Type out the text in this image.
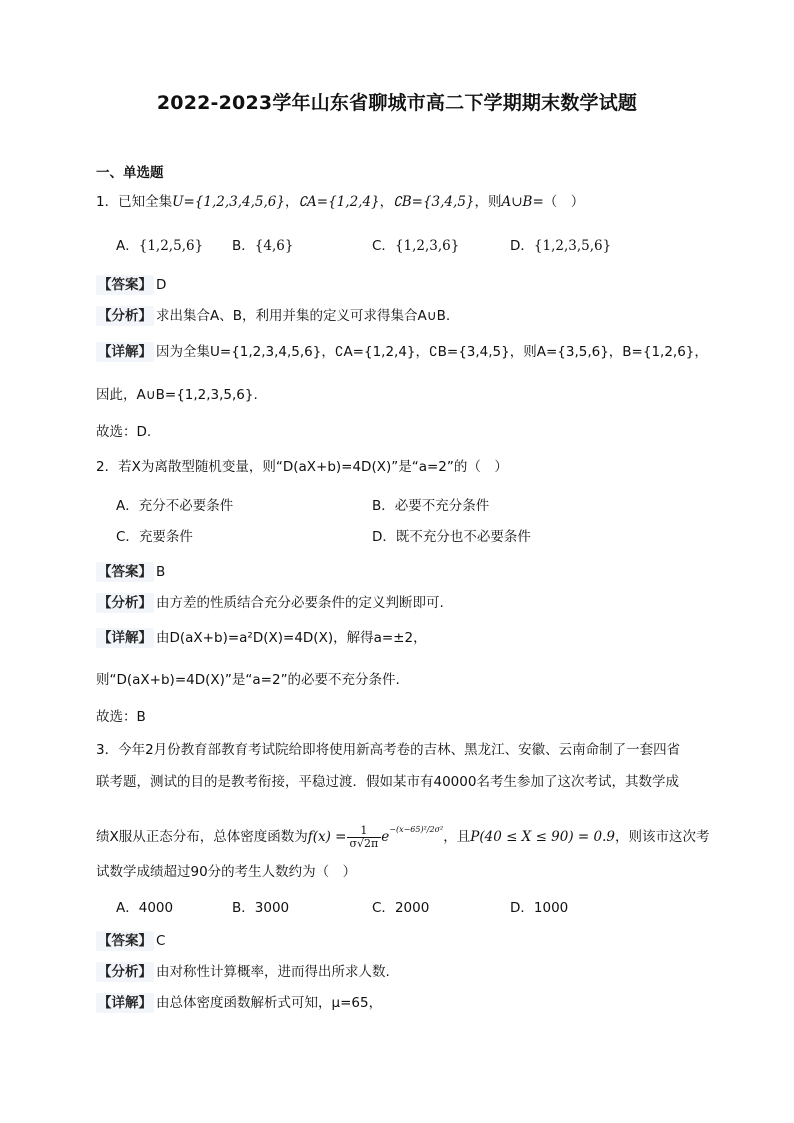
2022-2023学年山东省聊城市高二下学期期末数学试题
一、单选题
1．已知全集U={1,2,3,4,5,6}，∁A={1,2,4}，∁B={3,4,5}，则A∪B=（　）
A．{1,2,5,6} B．{4,6}	C．{1,2,3,6}	D．{1,2,3,5,6}
【答案】 D
【分析】 求出集合A、B，利用并集的定义可求得集合A∪B.
【详解】 因为全集U={1,2,3,4,5,6}，∁A={1,2,4}，∁B={3,4,5}，则A={3,5,6}，B={1,2,6}，
因此，A∪B={1,2,3,5,6}.
故选：D.
2．若X为离散型随机变量，则“D(aX+b)=4D(X)”是“a=2”的（　）
A．充分不必要条件	B．必要不充分条件
C．充要条件	D．既不充分也不必要条件
【答案】 B
【分析】 由方差的性质结合充分必要条件的定义判断即可.
【详解】 由D(aX+b)=a²D(X)=4D(X)，解得a=±2，
则“D(aX+b)=4D(X)”是“a=2”的必要不充分条件.
故选：B
3．今年2月份教育部教育考试院给即将使用新高考卷的吉林、黑龙江、安徽、云南命制了一套四省
联考题，测试的目的是教考衔接，平稳过渡．假如某市有40000名考生参加了这次考试，其数学成
绩X服从正态分布，总体密度函数为$f(x) = \frac{1}{\sigma√2\pi} e^{-(x-65)^2/2\sigma^2}$，且P(40 ≤ X ≤ 90) = 0.9，则该市这次考
试数学成绩超过90分的考生人数约为（　）
A．4000	B．3000	C．2000	D．1000
【答案】 C
【分析】 由对称性计算概率，进而得出所求人数.
【详解】 由总体密度函数解析式可知，μ=65，
